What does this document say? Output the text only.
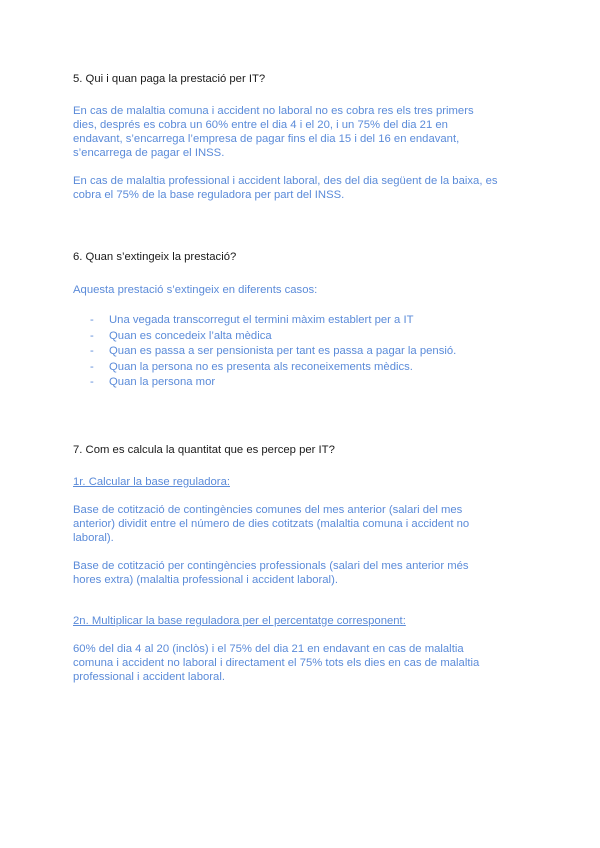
5. Qui i quan paga la prestació per IT?
En cas de malaltia comuna i accident no laboral no es cobra res els tres primers
dies, després es cobra un 60% entre el dia 4 i el 20, i un 75% del dia 21 en
endavant, s’encarrega l’empresa de pagar fins el dia 15 i del 16 en endavant,
s’encarrega de pagar el INSS.
En cas de malaltia professional i accident laboral, des del dia següent de la baixa, es
cobra el 75% de la base reguladora per part del INSS.
6. Quan s’extingeix la prestació?
Aquesta prestació s’extingeix en diferents casos:
-	Una vegada transcorregut el termini màxim establert per a IT
-	Quan es concedeix l’alta mèdica
-	Quan es passa a ser pensionista per tant es passa a pagar la pensió.
-	Quan la persona no es presenta als reconeixements mèdics.
-	Quan la persona mor
7. Com es calcula la quantitat que es percep per IT?
1r. Calcular la base reguladora:
Base de cotització de contingències comunes del mes anterior (salari del mes
anterior) dividit entre el número de dies cotitzats (malaltia comuna i accident no
laboral).
Base de cotització per contingències professionals (salari del mes anterior més
hores extra) (malaltia professional i accident laboral).
2n. Multiplicar la base reguladora per el percentatge corresponent:
60% del dia 4 al 20 (inclòs) i el 75% del dia 21 en endavant en cas de malaltia
comuna i accident no laboral i directament el 75% tots els dies en cas de malaltia
professional i accident laboral.
